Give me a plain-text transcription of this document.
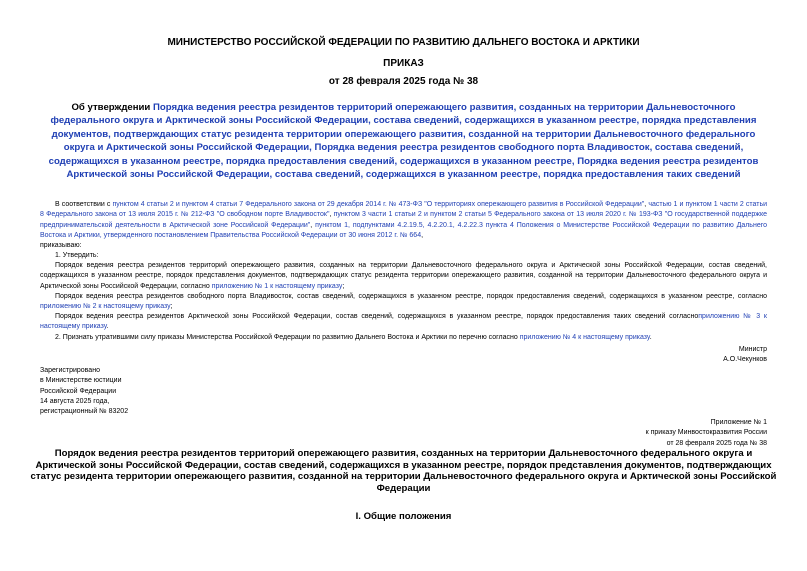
МИНИСТЕРСТВО РОССИЙСКОЙ ФЕДЕРАЦИИ ПО РАЗВИТИЮ ДАЛЬНЕГО ВОСТОКА И АРКТИКИ
ПРИКАЗ
от 28 февраля 2025 года № 38
Об утверждении Порядка ведения реестра резидентов территорий опережающего развития, созданных на территории Дальневосточного федерального округа и Арктической зоны Российской Федерации, состава сведений, содержащихся в указанном реестре, порядка представления документов, подтверждающих статус резидента территории опережающего развития, созданной на территории Дальневосточного федерального округа и Арктической зоны Российской Федерации, Порядка ведения реестра резидентов свободного порта Владивосток, состава сведений, содержащихся в указанном реестре, порядка предоставления сведений, содержащихся в указанном реестре, Порядка ведения реестра резидентов Арктической зоны Российской Федерации, состава сведений, содержащихся в указанном реестре, порядка предоставления таких сведений
В соответствии с пунктом 4 статьи 2 и пунктом 4 статьи 7 Федерального закона от 29 декабря 2014 г. № 473-ФЗ "О территориях опережающего развития в Российской Федерации", частью 1 и пунктом 1 части 2 статьи 8 Федерального закона от 13 июля 2015 г. № 212-ФЗ "О свободном порте Владивосток", пунктом 3 части 1 статьи 2 и пунктом 2 статьи 5 Федерального закона от 13 июля 2020 г. № 193-ФЗ "О государственной поддержке предпринимательской деятельности в Арктической зоне Российской Федерации", пунктом 1, подпунктами 4.2.19.5, 4.2.20.1, 4.2.22.3 пункта 4 Положения о Министерстве Российской Федерации по развитию Дальнего Востока и Арктики, утвержденного постановлением Правительства Российской Федерации от 30 июня 2012 г. № 664,
приказываю:
1. Утвердить:
Порядок ведения реестра резидентов территорий опережающего развития, созданных на территории Дальневосточного федерального округа и Арктической зоны Российской Федерации, состав сведений, содержащихся в указанном реестре, порядок представления документов, подтверждающих статус резидента территории опережающего развития, созданной на территории Дальневосточного федерального округа и Арктической зоны Российской Федерации, согласно приложению № 1 к настоящему приказу;
Порядок ведения реестра резидентов свободного порта Владивосток, состав сведений, содержащихся в указанном реестре, порядок предоставления сведений, содержащихся в указанном реестре, согласно приложению № 2 к настоящему приказу;
Порядок ведения реестра резидентов Арктической зоны Российской Федерации, состав сведений, содержащихся в указанном реестре, порядок предоставления таких сведений согласноприложению № 3 к настоящему приказу.
2. Признать утратившими силу приказы Министерства Российской Федерации по развитию Дальнего Востока и Арктики по перечню согласно приложению № 4 к настоящему приказу.
Министр
А.О.Чекунков
Зарегистрировано
в Министерстве юстиции
Российской Федерации
14 августа 2025 года,
регистрационный № 83202
Приложение № 1
к приказу Минвостокразвития России
от 28 февраля 2025 года № 38
Порядок ведения реестра резидентов территорий опережающего развития, созданных на территории Дальневосточного федерального округа и Арктической зоны Российской Федерации, состав сведений, содержащихся в указанном реестре, порядок представления документов, подтверждающих статус резидента территории опережающего развития, созданной на территории Дальневосточного федерального округа и Арктической зоны Российской Федерации
I. Общие положения
